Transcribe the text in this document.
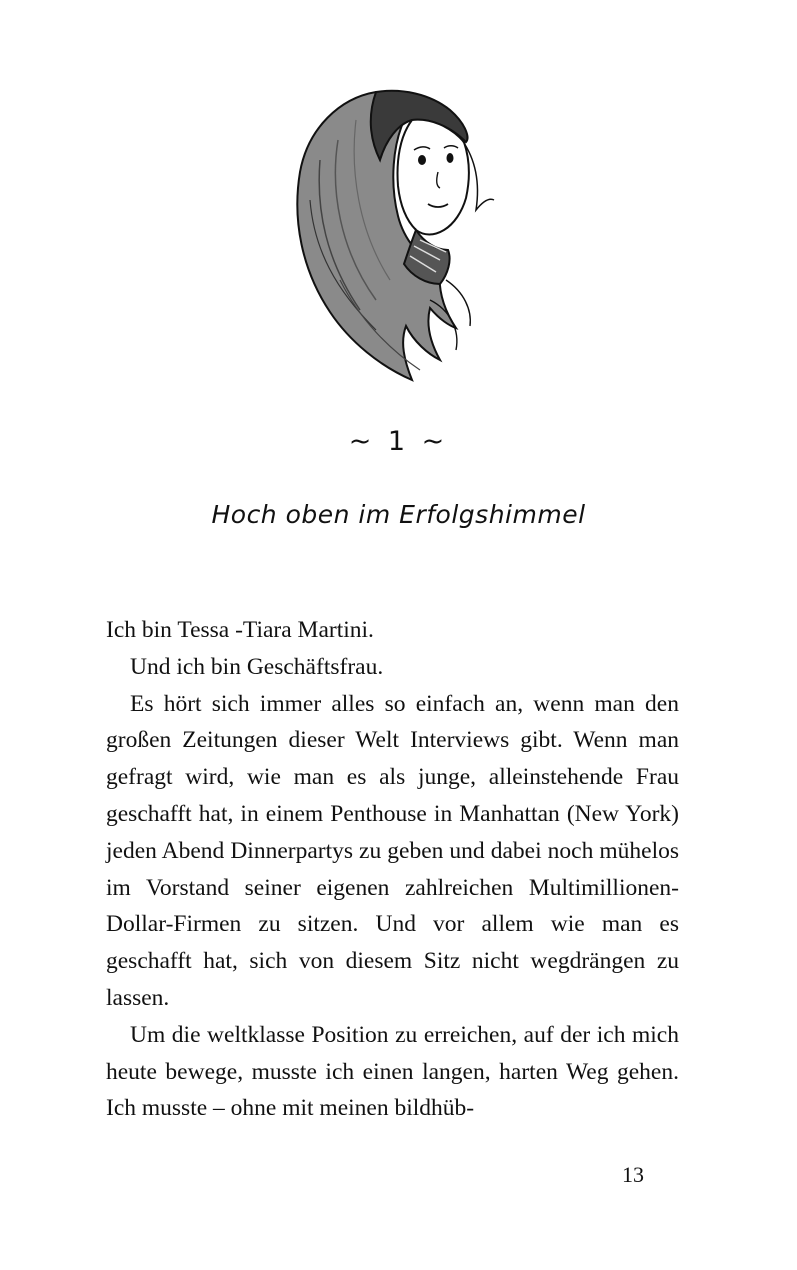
~ 1 ~
Hoch oben im Erfolgshimmel

Ich bin Tessa -Tiara Martini.

Und ich bin Geschäftsfrau.

Es hört sich immer alles so einfach an, wenn man den großen Zeitungen dieser Welt Interviews gibt. Wenn man gefragt wird, wie man es als junge, alleinstehende Frau geschafft hat, in einem Penthouse in Manhattan (New York) jeden Abend Dinnerpartys zu geben und dabei noch mühelos im Vorstand seiner eigenen zahlreichen Multimillionen-Dollar-Firmen zu sitzen. Und vor allem wie man es geschafft hat, sich von diesem Sitz nicht wegdrängen zu lassen.

Um die weltklasse Position zu erreichen, auf der ich mich heute bewege, musste ich einen langen, harten Weg gehen. Ich musste – ohne mit meinen bildhüb-

13
